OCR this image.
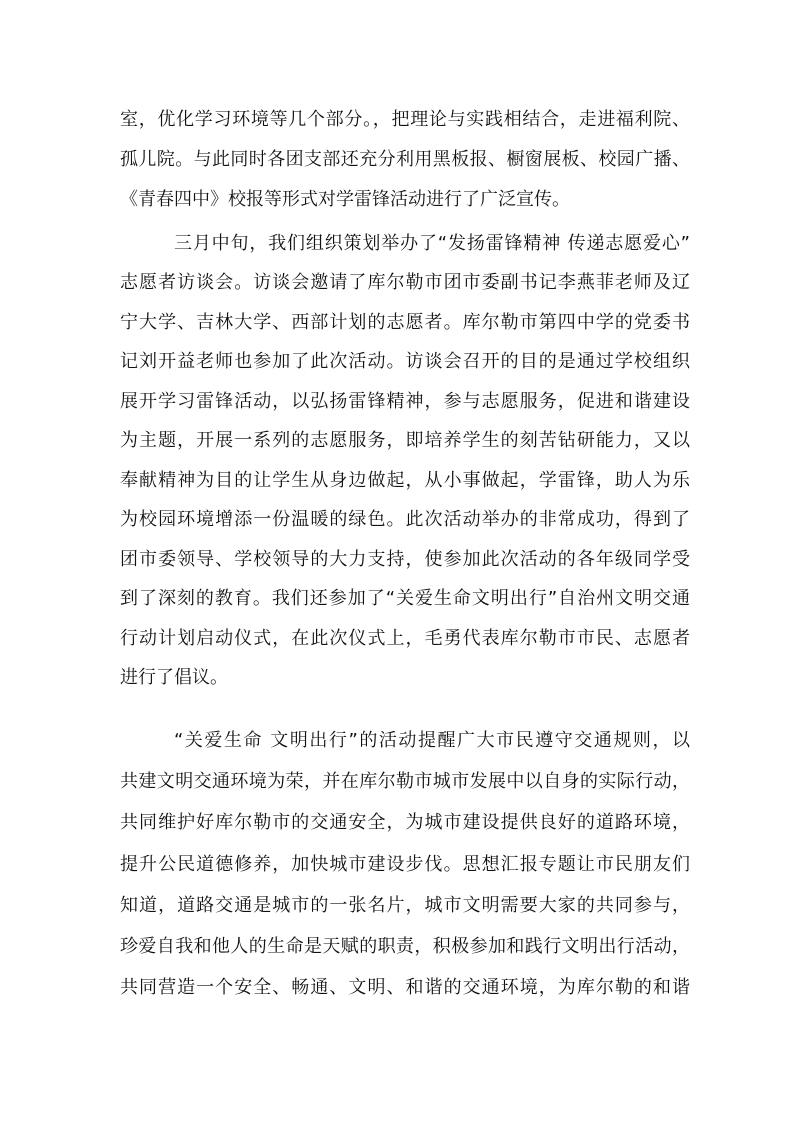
室，优化学习环境等几个部分。，把理论与实践相结合，走进福利院、
孤儿院。与此同时各团支部还充分利用黑板报、橱窗展板、校园广播、
《青春四中》校报等形式对学雷锋活动进行了广泛宣传。
三月中旬，我们组织策划举办了“发扬雷锋精神 传递志愿爱心”
志愿者访谈会。访谈会邀请了库尔勒市团市委副书记李燕菲老师及辽
宁大学、吉林大学、西部计划的志愿者。库尔勒市第四中学的党委书
记刘开益老师也参加了此次活动。访谈会召开的目的是通过学校组织
展开学习雷锋活动，以弘扬雷锋精神，参与志愿服务，促进和谐建设
为主题，开展一系列的志愿服务，即培养学生的刻苦钻研能力，又以
奉献精神为目的让学生从身边做起，从小事做起，学雷锋，助人为乐
为校园环境增添一份温暖的绿色。此次活动举办的非常成功，得到了
团市委领导、学校领导的大力支持，使参加此次活动的各年级同学受
到了深刻的教育。我们还参加了“关爱生命文明出行”自治州文明交通
行动计划启动仪式，在此次仪式上，毛勇代表库尔勒市市民、志愿者
进行了倡议。
“关爱生命 文明出行”的活动提醒广大市民遵守交通规则，以
共建文明交通环境为荣，并在库尔勒市城市发展中以自身的实际行动，
共同维护好库尔勒市的交通安全，为城市建设提供良好的道路环境，
提升公民道德修养，加快城市建设步伐。思想汇报专题让市民朋友们
知道，道路交通是城市的一张名片，城市文明需要大家的共同参与，
珍爱自我和他人的生命是天赋的职责，积极参加和践行文明出行活动，
共同营造一个安全、畅通、文明、和谐的交通环境，为库尔勒的和谐
